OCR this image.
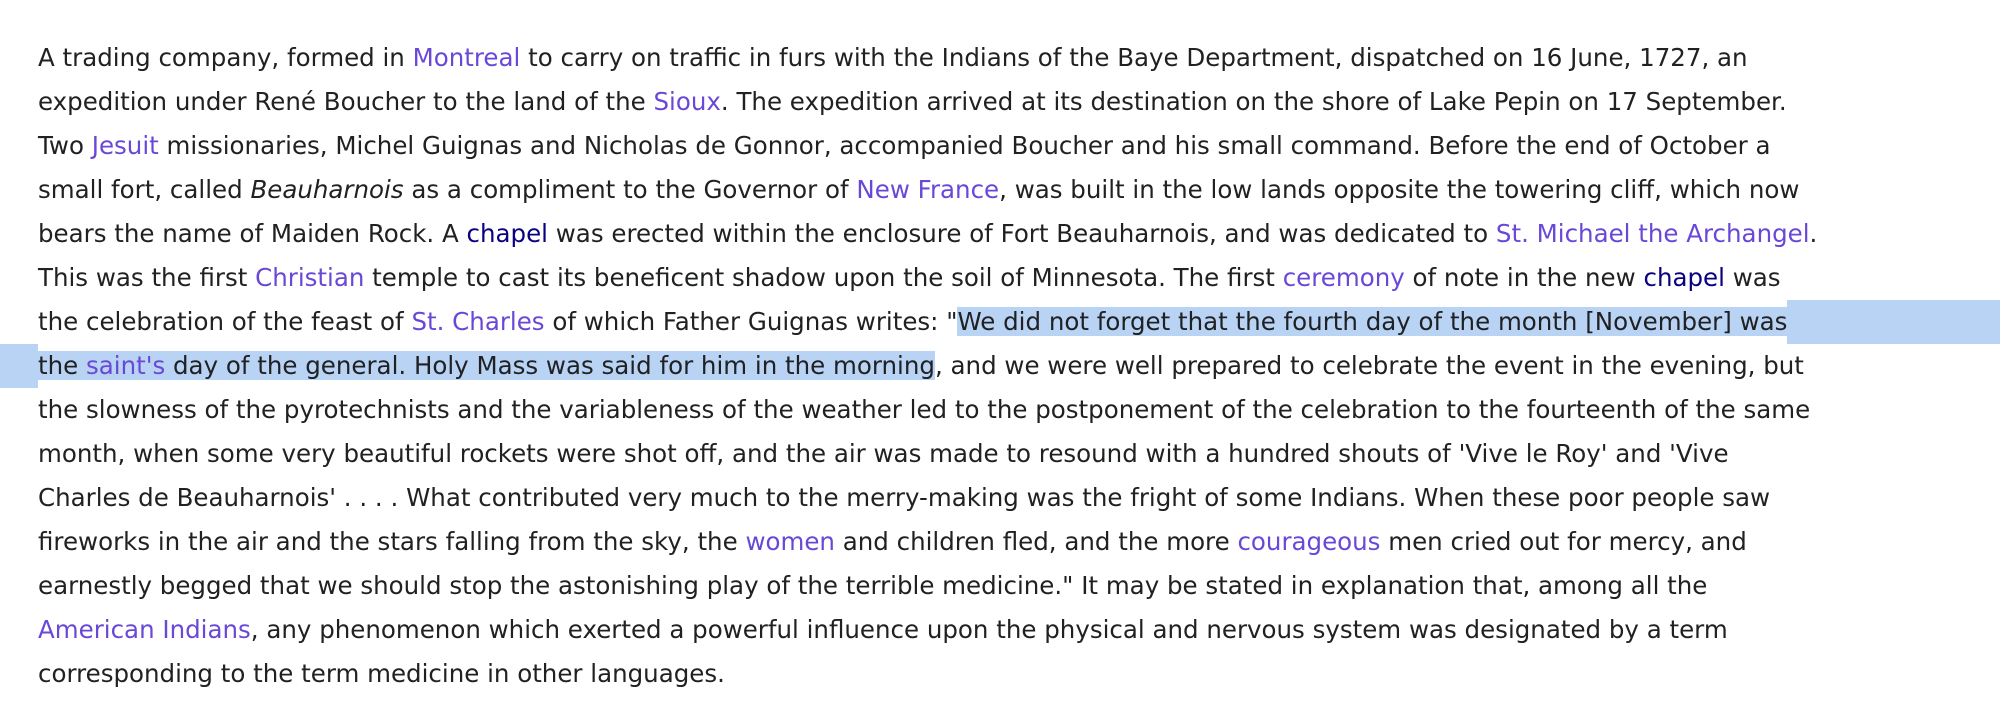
A trading company, formed in Montreal to carry on traffic in furs with the Indians of the Baye Department, dispatched on 16 June, 1727, an
expedition under René Boucher to the land of the Sioux. The expedition arrived at its destination on the shore of Lake Pepin on 17 September.
Two Jesuit missionaries, Michel Guignas and Nicholas de Gonnor, accompanied Boucher and his small command. Before the end of October a
small fort, called Beauharnois as a compliment to the Governor of New France, was built in the low lands opposite the towering cliff, which now
bears the name of Maiden Rock. A chapel was erected within the enclosure of Fort Beauharnois, and was dedicated to St. Michael the Archangel.
This was the first Christian temple to cast its beneficent shadow upon the soil of Minnesota. The first ceremony of note in the new chapel was
the celebration of the feast of St. Charles of which Father Guignas writes: "We did not forget that the fourth day of the month [November] was
the saint's day of the general. Holy Mass was said for him in the morning, and we were well prepared to celebrate the event in the evening, but
the slowness of the pyrotechnists and the variableness of the weather led to the postponement of the celebration to the fourteenth of the same
month, when some very beautiful rockets were shot off, and the air was made to resound with a hundred shouts of 'Vive le Roy' and 'Vive
Charles de Beauharnois' . . . . What contributed very much to the merry-making was the fright of some Indians. When these poor people saw
fireworks in the air and the stars falling from the sky, the women and children fled, and the more courageous men cried out for mercy, and
earnestly begged that we should stop the astonishing play of the terrible medicine." It may be stated in explanation that, among all the
American Indians, any phenomenon which exerted a powerful influence upon the physical and nervous system was designated by a term
corresponding to the term medicine in other languages.
